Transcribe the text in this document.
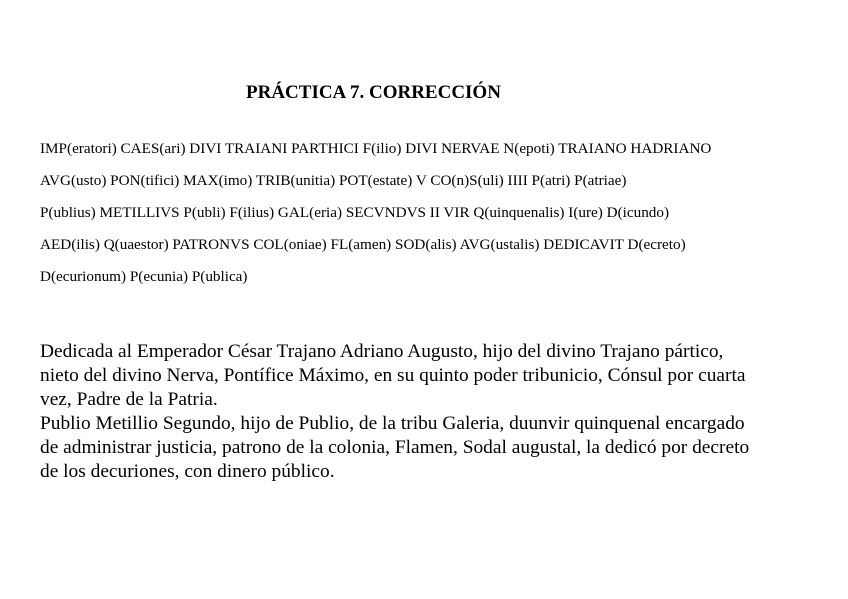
PRÁCTICA 7. CORRECCIÓN
IMP(eratori) CAES(ari) DIVI TRAIANI PARTHICI F(ilio) DIVI NERVAE N(epoti) TRAIANO HADRIANO
AVG(usto) PON(tifici) MAX(imo) TRIB(unitia) POT(estate) V CO(n)S(uli) IIII P(atri) P(atriae)
P(ublius) METILLIVS P(ubli) F(ilius) GAL(eria) SECVNDVS II VIR Q(uinquenalis) I(ure) D(icundo)
AED(ilis) Q(uaestor) PATRONVS COL(oniae) FL(amen) SOD(alis) AVG(ustalis) DEDICAVIT D(ecreto)
D(ecurionum) P(ecunia) P(ublica)
Dedicada al Emperador César Trajano Adriano Augusto, hijo del divino Trajano pártico,
nieto del divino Nerva, Pontífice Máximo, en su quinto poder tribunicio, Cónsul por cuarta
vez, Padre de la Patria.
Publio Metillio Segundo, hijo de Publio, de la tribu Galeria, duunvir quinquenal encargado
de administrar justicia, patrono de la colonia, Flamen, Sodal augustal, la dedicó por decreto
de los decuriones, con dinero público.
